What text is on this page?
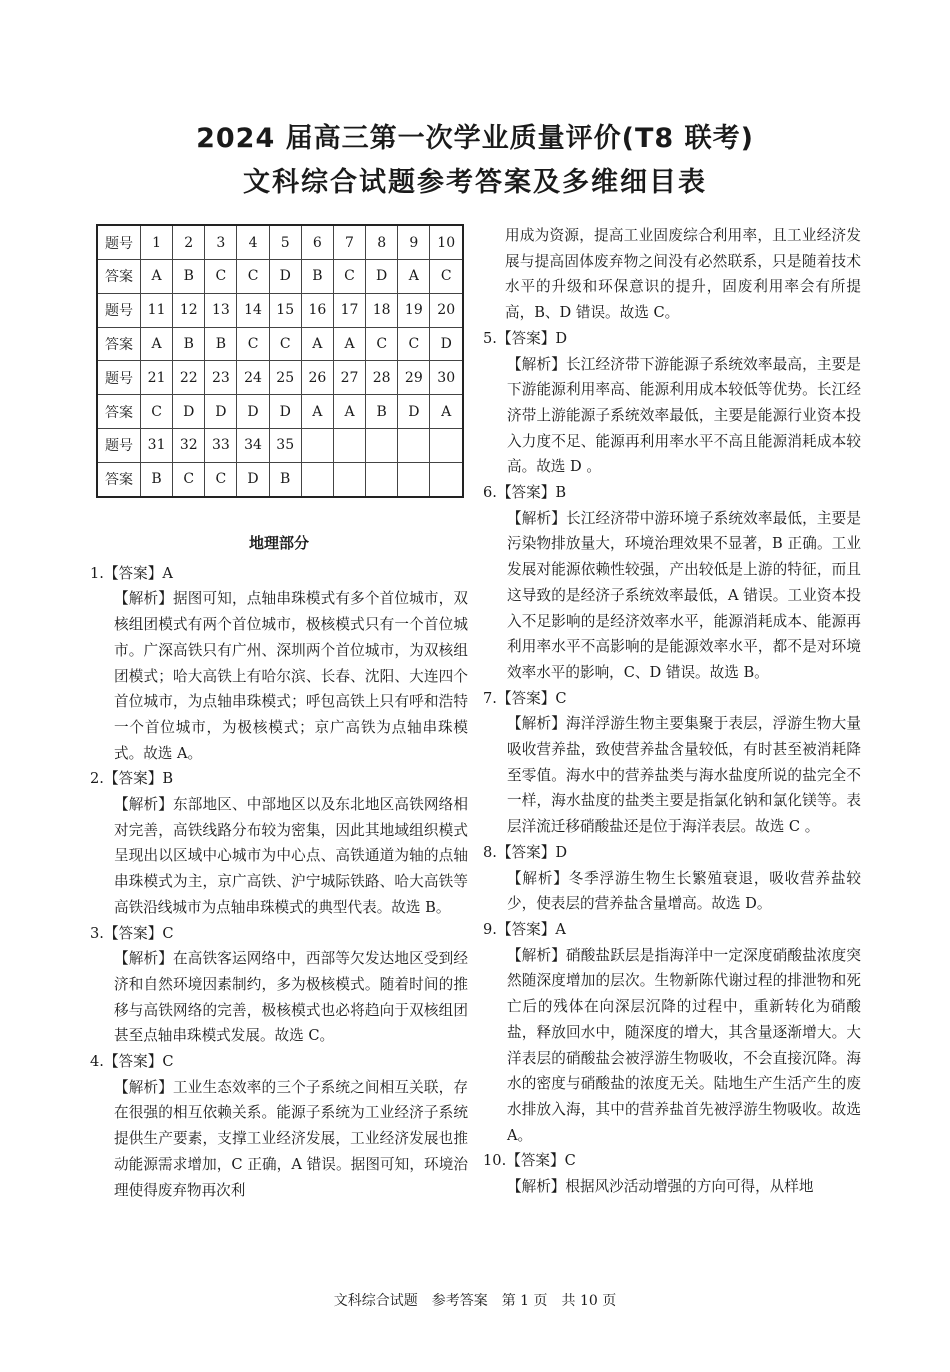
2024 届高三第一次学业质量评价(T8 联考)
文科综合试题参考答案及多维细目表
题号	1	2	3	4	5	6	7	8	9	10
答案	A	B	C	C	D	B	C	D	A	C
题号	11	12	13	14	15	16	17	18	19	20
答案	A	B	B	C	C	A	A	C	C	D
题号	21	22	23	24	25	26	27	28	29	30
答案	C	D	D	D	D	A	A	B	D	A
题号	31	32	33	34	35					
答案	B	C	C	D	B					
地理部分
1.【答案】A
【解析】据图可知，点轴串珠模式有多个首位城市，双核组团模式有两个首位城市，极核模式只有一个首位城市。广深高铁只有广州、深圳两个首位城市，为双核组团模式；哈大高铁上有哈尔滨、长春、沈阳、大连四个首位城市，为点轴串珠模式；呼包高铁上只有呼和浩特一个首位城市，为极核模式；京广高铁为点轴串珠模式。故选 A。
2.【答案】B
【解析】东部地区、中部地区以及东北地区高铁网络相对完善，高铁线路分布较为密集，因此其地域组织模式呈现出以区域中心城市为中心点、高铁通道为轴的点轴串珠模式为主，京广高铁、沪宁城际铁路、哈大高铁等高铁沿线城市为点轴串珠模式的典型代表。故选 B。
3.【答案】C
【解析】在高铁客运网络中，西部等欠发达地区受到经济和自然环境因素制约，多为极核模式。随着时间的推移与高铁网络的完善，极核模式也必将趋向于双核组团甚至点轴串珠模式发展。故选 C。
4.【答案】C
【解析】工业生态效率的三个子系统之间相互关联，存在很强的相互依赖关系。能源子系统为工业经济子系统提供生产要素，支撑工业经济发展，工业经济发展也推动能源需求增加，C 正确，A 错误。据图可知，环境治理使得废弃物再次利
用成为资源，提高工业固废综合利用率，且工业经济发展与提高固体废弃物之间没有必然联系，只是随着技术水平的升级和环保意识的提升，固废利用率会有所提高，B、D 错误。故选 C。
5.【答案】D
【解析】长江经济带下游能源子系统效率最高，主要是下游能源利用率高、能源利用成本较低等优势。长江经济带上游能源子系统效率最低，主要是能源行业资本投入力度不足、能源再利用率水平不高且能源消耗成本较高。故选 D 。
6.【答案】B
【解析】长江经济带中游环境子系统效率最低，主要是污染物排放量大，环境治理效果不显著，B 正确。工业发展对能源依赖性较强，产出较低是上游的特征，而且这导致的是经济子系统效率最低，A 错误。工业资本投入不足影响的是经济效率水平，能源消耗成本、能源再利用率水平不高影响的是能源效率水平，都不是对环境效率水平的影响，C、D 错误。故选 B。
7.【答案】C
【解析】海洋浮游生物主要集聚于表层，浮游生物大量吸收营养盐，致使营养盐含量较低，有时甚至被消耗降至零值。海水中的营养盐类与海水盐度所说的盐完全不一样，海水盐度的盐类主要是指氯化钠和氯化镁等。表层洋流迁移硝酸盐还是位于海洋表层。故选 C 。
8.【答案】D
【解析】冬季浮游生物生长繁殖衰退，吸收营养盐较少，使表层的营养盐含量增高。故选 D。
9.【答案】A
【解析】硝酸盐跃层是指海洋中一定深度硝酸盐浓度突然随深度增加的层次。生物新陈代谢过程的排泄物和死亡后的残体在向深层沉降的过程中，重新转化为硝酸盐，释放回水中，随深度的增大，其含量逐渐增大。大洋表层的硝酸盐会被浮游生物吸收，不会直接沉降。海水的密度与硝酸盐的浓度无关。陆地生产生活产生的废水排放入海，其中的营养盐首先被浮游生物吸收。故选 A。
10.【答案】C
【解析】根据风沙活动增强的方向可得，从样地
文科综合试题　参考答案　第 1 页　共 10 页
